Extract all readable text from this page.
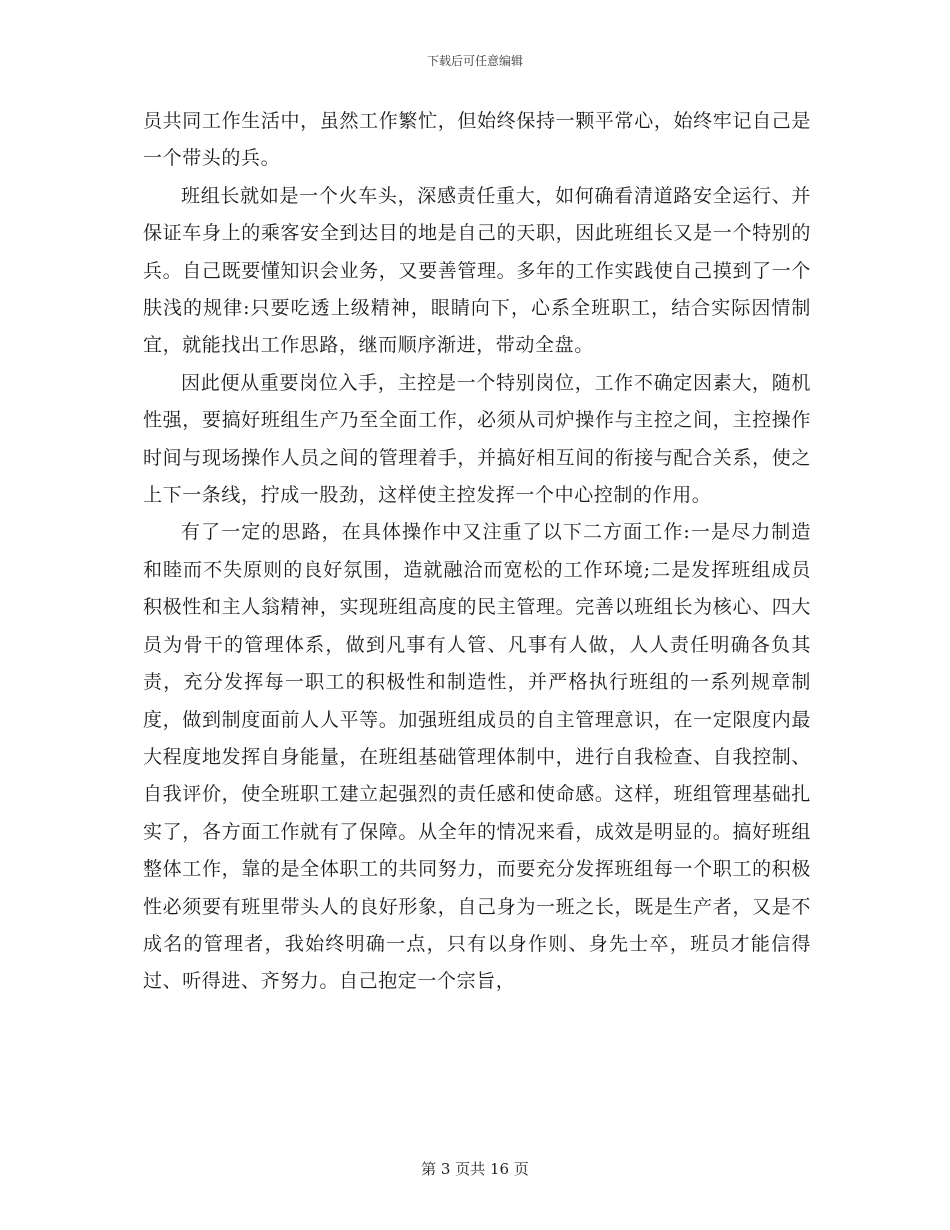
下载后可任意编辑

员共同工作生活中，虽然工作繁忙，但始终保持一颗平常心，始终牢记自己是一个带头的兵。

班组长就如是一个火车头，深感责任重大，如何确看清道路安全运行、并保证车身上的乘客安全到达目的地是自己的天职，因此班组长又是一个特别的兵。自己既要懂知识会业务，又要善管理。多年的工作实践使自己摸到了一个肤浅的规律:只要吃透上级精神，眼睛向下，心系全班职工，结合实际因情制宜，就能找出工作思路，继而顺序渐进，带动全盘。

因此便从重要岗位入手，主控是一个特别岗位，工作不确定因素大，随机性强，要搞好班组生产乃至全面工作，必须从司炉操作与主控之间，主控操作时间与现场操作人员之间的管理着手，并搞好相互间的衔接与配合关系，使之上下一条线，拧成一股劲，这样使主控发挥一个中心控制的作用。

有了一定的思路，在具体操作中又注重了以下二方面工作:一是尽力制造和睦而不失原则的良好氛围，造就融洽而宽松的工作环境;二是发挥班组成员积极性和主人翁精神，实现班组高度的民主管理。完善以班组长为核心、四大员为骨干的管理体系，做到凡事有人管、凡事有人做，人人责任明确各负其责，充分发挥每一职工的积极性和制造性，并严格执行班组的一系列规章制度，做到制度面前人人平等。加强班组成员的自主管理意识，在一定限度内最大程度地发挥自身能量，在班组基础管理体制中，进行自我检查、自我控制、自我评价，使全班职工建立起强烈的责任感和使命感。这样，班组管理基础扎实了，各方面工作就有了保障。从全年的情况来看，成效是明显的。搞好班组整体工作，靠的是全体职工的共同努力，而要充分发挥班组每一个职工的积极性必须要有班里带头人的良好形象，自己身为一班之长，既是生产者，又是不成名的管理者，我始终明确一点，只有以身作则、身先士卒，班员才能信得过、听得进、齐努力。自己抱定一个宗旨，

第 3 页共 16 页
